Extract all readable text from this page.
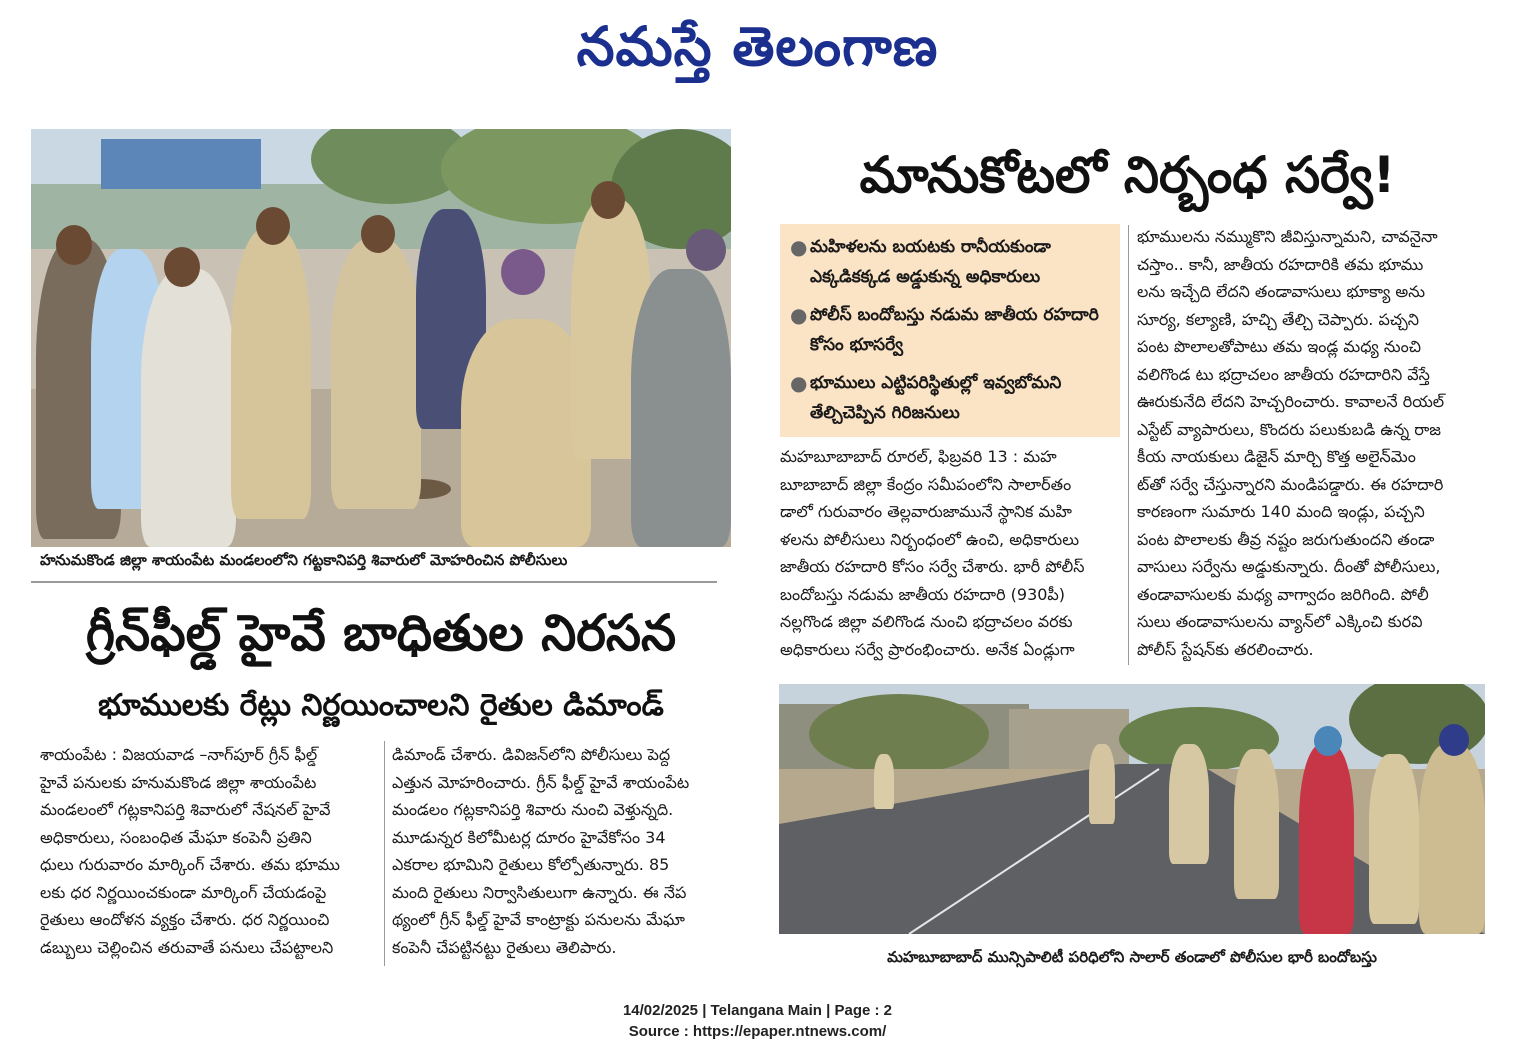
నమస్తే తెలంగాణ
హనుమకొండ జిల్లా శాయంపేట మండలంలోని గట్టకానిపర్తి శివారులో మోహరించిన పోలీసులు
గ్రీన్‌ఫీల్డ్ హైవే బాధితుల నిరసన
భూములకు రేట్లు నిర్ణయించాలని రైతుల డిమాండ్
శాయంపేట : విజయవాడ –నాగ్‌పూర్ గ్రీన్ ఫీల్డ్
హైవే పనులకు హనుమకొండ జిల్లా శాయంపేట
మండలంలో గట్లకానిపర్తి శివారులో నేషనల్ హైవే
అధికారులు, సంబంధిత మేఘా కంపెనీ ప్రతిని
ధులు గురువారం మార్కింగ్ చేశారు. తమ భూము
లకు ధర నిర్ణయించకుండా మార్కింగ్ చేయడంపై
రైతులు ఆందోళన వ్యక్తం చేశారు. ధర నిర్ణయించి
డబ్బులు చెల్లించిన తరువాతే పనులు చేపట్టాలని
డిమాండ్ చేశారు. డివిజన్‌లోని పోలీసులు పెద్ద
ఎత్తున మోహరించారు. గ్రీన్ ఫీల్డ్ హైవే శాయంపేట
మండలం గట్లకానిపర్తి శివారు నుంచి వెళ్తున్నది.
మూడున్నర కిలోమీటర్ల దూరం హైవేకోసం 34
ఎకరాల భూమిని రైతులు కోల్పోతున్నారు. 85
మంది రైతులు నిర్వాసితులుగా ఉన్నారు. ఈ నేప
థ్యంలో గ్రీన్ ఫీల్డ్ హైవే కాంట్రాక్టు పనులను మేఘా
కంపెనీ చేపట్టినట్టు రైతులు తెలిపారు.
మానుకోటలో నిర్బంధ సర్వే!
● మహిళలను బయటకు రానీయకుండా ఎక్కడికక్కడ అడ్డుకున్న అధికారులు
● పోలీస్ బందోబస్తు నడుమ జాతీయ రహదారి కోసం భూసర్వే
● భూములు ఎట్టిపరిస్థితుల్లో ఇవ్వబోమని తేల్చిచెప్పిన గిరిజనులు
మహబూబాబాద్ రూరల్, ఫిబ్రవరి 13 : మహ
బూబాబాద్ జిల్లా కేంద్రం సమీపంలోని సాలార్‌తం
డాలో గురువారం తెల్లవారుజామునే స్థానిక మహి
ళలను పోలీసులు నిర్బంధంలో ఉంచి, అధికారులు
జాతీయ రహదారి కోసం సర్వే చేశారు. భారీ పోలీస్
బందోబస్తు నడుమ జాతీయ రహదారి (930పీ)
నల్లగొండ జిల్లా వలిగొండ నుంచి భద్రాచలం వరకు
అధికారులు సర్వే ప్రారంభించారు. అనేక ఏండ్లుగా
భూములను నమ్ముకొని జీవిస్తున్నామని, చావనైనా
చస్తాం.. కానీ, జాతీయ రహదారికి తమ భూము
లను ఇచ్చేది లేదని తండావాసులు భూక్యా అను
సూర్య, కల్యాణి, హచ్చి తేల్చి చెప్పారు. పచ్చని
పంట పొలాలతోపాటు తమ ఇండ్ల మధ్య నుంచి
వలిగొండ టు భద్రాచలం జాతీయ రహదారిని వేస్తే
ఊరుకునేది లేదని హెచ్చరించారు. కావాలనే రియల్
ఎస్టేట్ వ్యాపారులు, కొందరు పలుకుబడి ఉన్న రాజ
కీయ నాయకులు డిజైన్ మార్చి కొత్త అలైన్‌మెం
ట్‌తో సర్వే చేస్తున్నారని మండిపడ్డారు. ఈ రహదారి
కారణంగా సుమారు 140 మంది ఇండ్లు, పచ్చని
పంట పొలాలకు తీవ్ర నష్టం జరుగుతుందని తండా
వాసులు సర్వేను అడ్డుకున్నారు. దీంతో పోలీసులు,
తండావాసులకు మధ్య వాగ్వాదం జరిగింది. పోలీ
సులు తండావాసులను వ్యాన్‌లో ఎక్కించి కురవి
పోలీస్ స్టేషన్‌కు తరలించారు.
మహబూబాబాద్ మున్సిపాలిటీ పరిధిలోని సాలార్ తండాలో పోలీసుల భారీ బందోబస్తు
14/02/2025 | Telangana Main | Page : 2
Source : https://epaper.ntnews.com/
